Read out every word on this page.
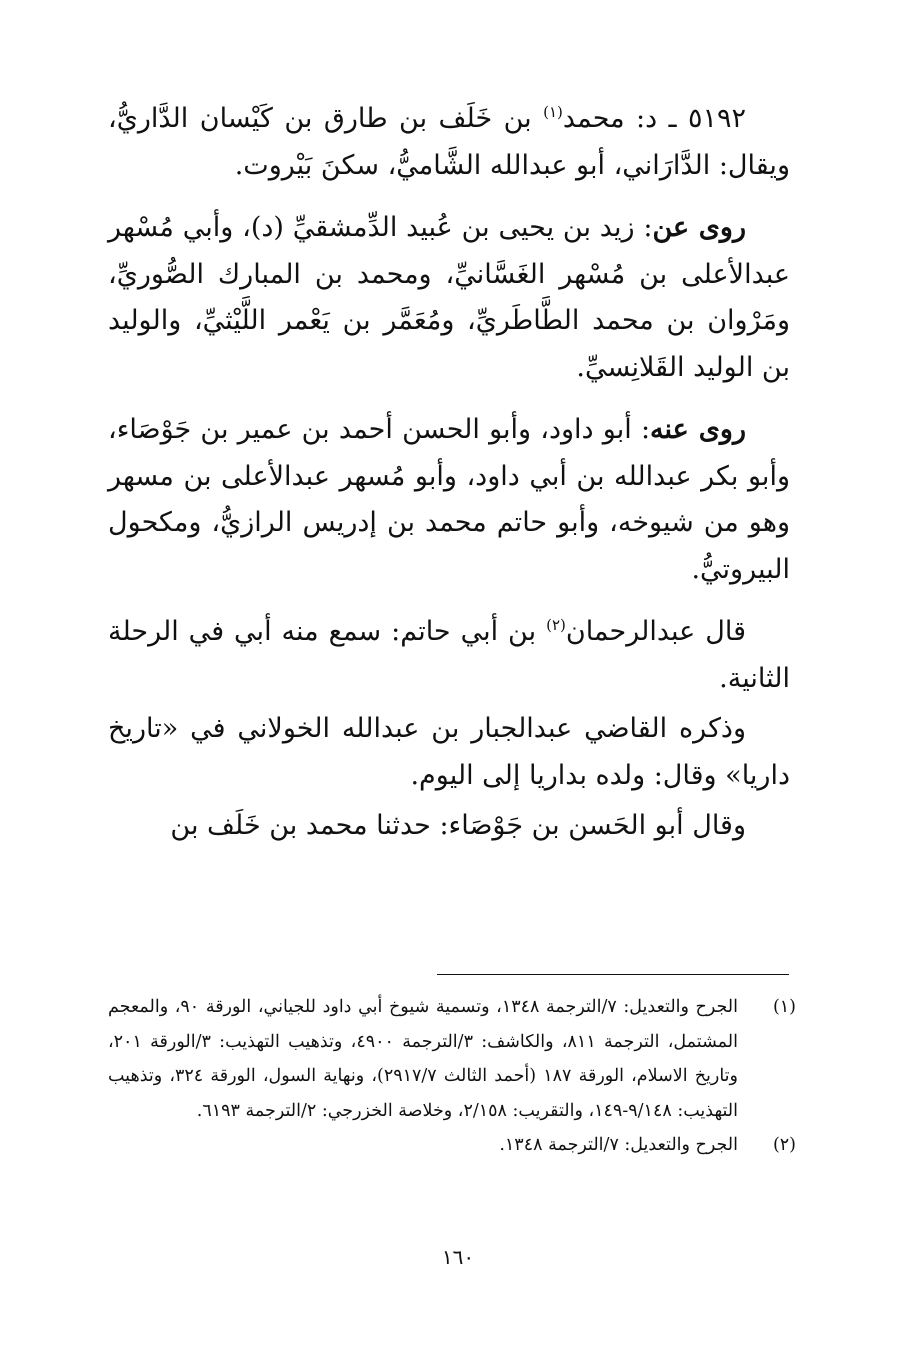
٥١٩٢ ـ د: محمد$^{(١)}$ بن خَلَف بن طارق بن كَيْسان الدَّاريُّ، ويقال: الدَّارَاني، أبو عبدالله الشَّاميُّ، سكنَ بَيْروت.

روى عن: زيد بن يحيى بن عُبيد الدِّمشقيِّ (د)، وأبي مُسْهر عبدالأعلى بن مُسْهر الغَسَّانيِّ، ومحمد بن المبارك الصُّوريِّ، ومَرْوان بن محمد الطَّاطَريِّ، ومُعَمَّر بن يَعْمر اللَّيْثيِّ، والوليد بن الوليد القَلانِسيِّ.

روى عنه: أبو داود، وأبو الحسن أحمد بن عمير بن جَوْصَاء، وأبو بكر عبدالله بن أبي داود، وأبو مُسهر عبدالأعلى بن مسهر وهو من شيوخه، وأبو حاتم محمد بن إدريس الرازيُّ، ومكحول البيروتيُّ.

قال عبدالرحمان$^{(٢)}$ بن أبي حاتم: سمع منه أبي في الرحلة الثانية.

وذكره القاضي عبدالجبار بن عبدالله الخولاني في «تاريخ داريا» وقال: ولده بداريا إلى اليوم.

وقال أبو الحَسن بن جَوْصَاء: حدثنا محمد بن خَلَف بن

(١)
الجرح والتعديل: ٧/الترجمة ١٣٤٨، وتسمية شيوخ أبي داود للجياني، الورقة ٩٠، والمعجم المشتمل، الترجمة ٨١١، والكاشف: ٣/الترجمة ٤٩٠٠، وتذهيب التهذيب: ٣/الورقة ٢٠١، وتاريخ الاسلام، الورقة ١٨٧ (أحمد الثالث ٢٩١٧/٧)، ونهاية السول، الورقة ٣٢٤، وتذهيب التهذيب: ٩/١٤٨-١٤٩، والتقريب: ٢/١٥٨، وخلاصة الخزرجي: ٢/الترجمة ٦١٩٣.
(٢)
الجرح والتعديل: ٧/الترجمة ١٣٤٨.
١٦٠
